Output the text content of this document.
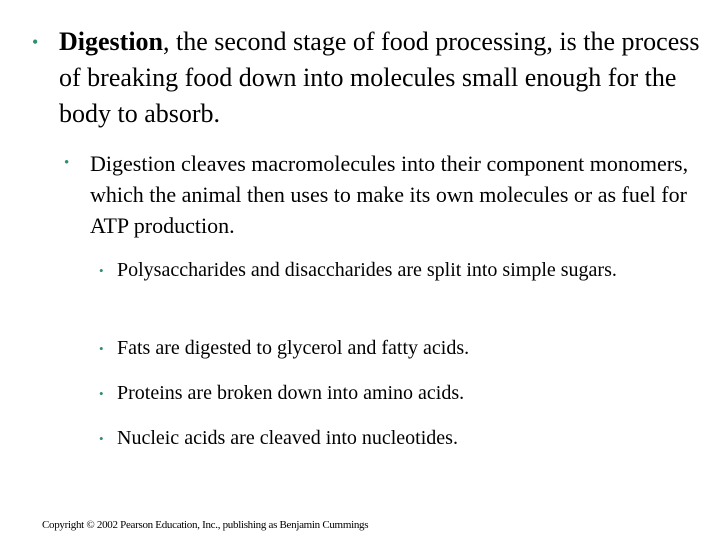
• Digestion, the second stage of food processing, is the process of breaking food down into molecules small enough for the body to absorb.

• Digestion cleaves macromolecules into their component monomers, which the animal then uses to make its own molecules or as fuel for ATP production.

• Polysaccharides and disaccharides are split into simple sugars.

• Fats are digested to glycerol and fatty acids.

• Proteins are broken down into amino acids.

• Nucleic acids are cleaved into nucleotides.

Copyright © 2002 Pearson Education, Inc., publishing as Benjamin Cummings
